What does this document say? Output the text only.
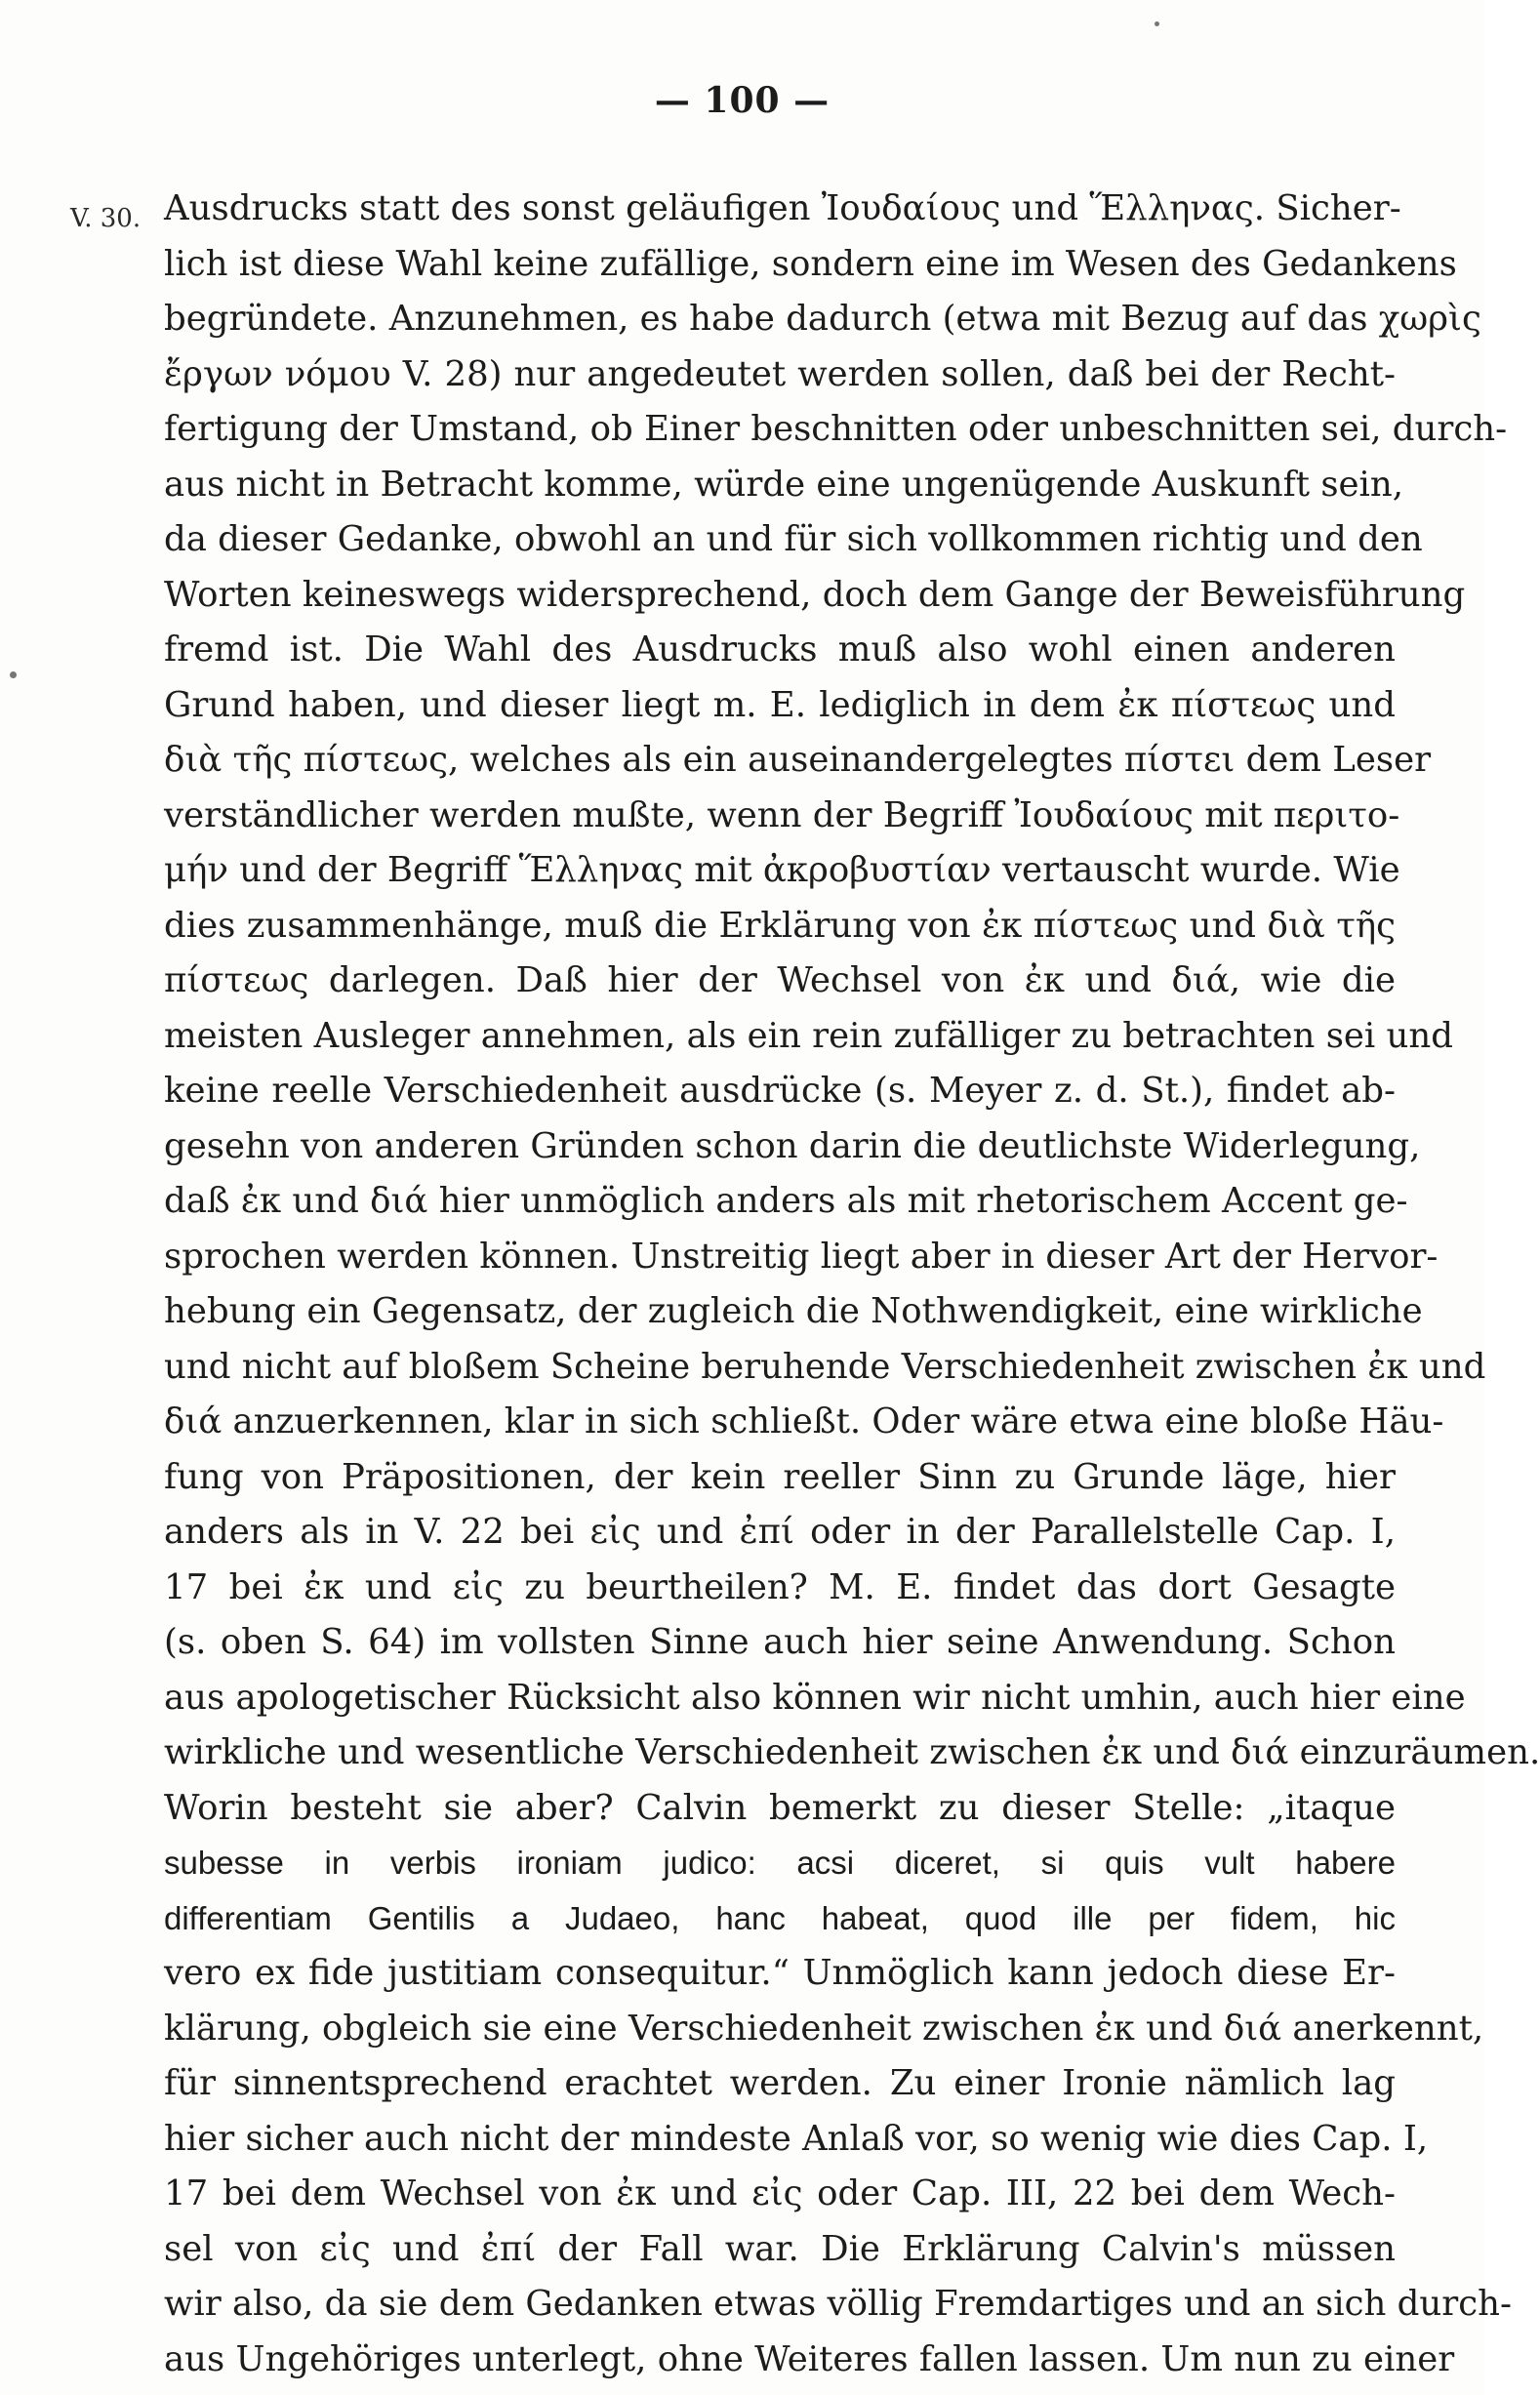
— 100 —
V. 30. Ausdrucks statt des sonst geläufigen Ἰουδαίους und Ἕλληνας. Sicher-
lich ist diese Wahl keine zufällige, sondern eine im Wesen des Gedankens
begründete. Anzunehmen, es habe dadurch (etwa mit Bezug auf das χωρὶς
ἔργων νόμου V. 28) nur angedeutet werden sollen, daß bei der Recht-
fertigung der Umstand, ob Einer beschnitten oder unbeschnitten sei, durch-
aus nicht in Betracht komme, würde eine ungenügende Auskunft sein,
da dieser Gedanke, obwohl an und für sich vollkommen richtig und den
Worten keineswegs widersprechend, doch dem Gange der Beweisführung
fremd ist. Die Wahl des Ausdrucks muß also wohl einen anderen
Grund haben, und dieser liegt m. E. lediglich in dem ἐκ πίστεως und
διὰ τῆς πίστεως, welches als ein auseinandergelegtes πίστει dem Leser
verständlicher werden mußte, wenn der Begriff Ἰουδαίους mit περιτο-
μήν und der Begriff Ἕλληνας mit ἀκροβυστίαν vertauscht wurde. Wie
dies zusammenhänge, muß die Erklärung von ἐκ πίστεως und διὰ τῆς
πίστεως darlegen. Daß hier der Wechsel von ἐκ und διά, wie die
meisten Ausleger annehmen, als ein rein zufälliger zu betrachten sei und
keine reelle Verschiedenheit ausdrücke (s. Meyer z. d. St.), findet ab-
gesehn von anderen Gründen schon darin die deutlichste Widerlegung,
daß ἐκ und διά hier unmöglich anders als mit rhetorischem Accent ge-
sprochen werden können. Unstreitig liegt aber in dieser Art der Hervor-
hebung ein Gegensatz, der zugleich die Nothwendigkeit, eine wirkliche
und nicht auf bloßem Scheine beruhende Verschiedenheit zwischen ἐκ und
διά anzuerkennen, klar in sich schließt. Oder wäre etwa eine bloße Häu-
fung von Präpositionen, der kein reeller Sinn zu Grunde läge, hier
anders als in V. 22 bei εἰς und ἐπί oder in der Parallelstelle Cap. I,
17 bei ἐκ und εἰς zu beurtheilen? M. E. findet das dort Gesagte
(s. oben S. 64) im vollsten Sinne auch hier seine Anwendung. Schon
aus apologetischer Rücksicht also können wir nicht umhin, auch hier eine
wirkliche und wesentliche Verschiedenheit zwischen ἐκ und διά einzuräumen.
Worin besteht sie aber? Calvin bemerkt zu dieser Stelle: „itaque
subesse in verbis ironiam judico: acsi diceret, si quis vult habere
differentiam Gentilis a Judaeo, hanc habeat, quod ille per fidem, hic
vero ex fide justitiam consequitur.“ Unmöglich kann jedoch diese Er-
klärung, obgleich sie eine Verschiedenheit zwischen ἐκ und διά anerkennt,
für sinnentsprechend erachtet werden. Zu einer Ironie nämlich lag
hier sicher auch nicht der mindeste Anlaß vor, so wenig wie dies Cap. I,
17 bei dem Wechsel von ἐκ und εἰς oder Cap. III, 22 bei dem Wech-
sel von εἰς und ἐπί der Fall war. Die Erklärung Calvin's müssen
wir also, da sie dem Gedanken etwas völlig Fremdartiges und an sich durch-
aus Ungehöriges unterlegt, ohne Weiteres fallen lassen. Um nun zu einer
